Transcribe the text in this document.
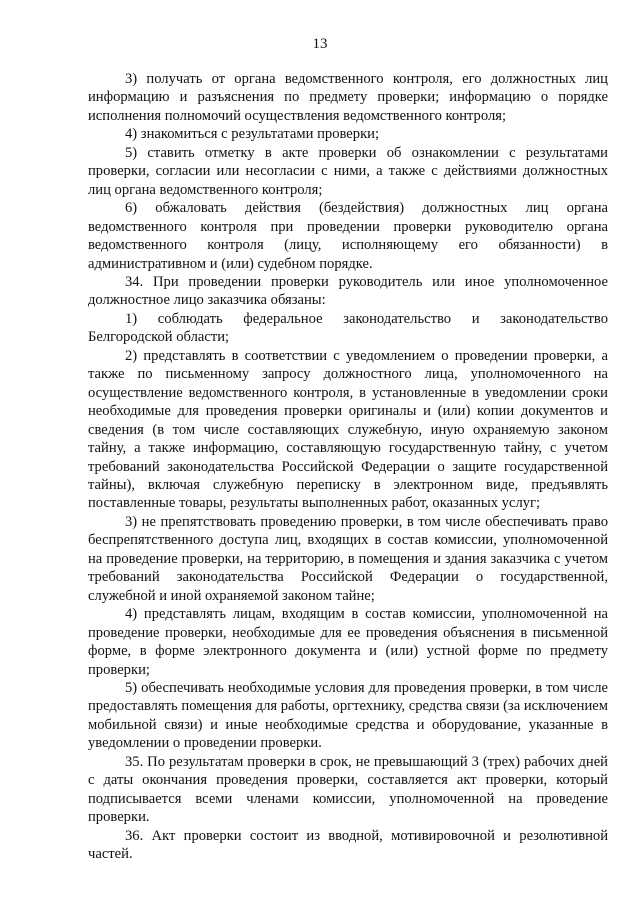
13

3) получать от органа ведомственного контроля, его должностных лиц информацию и разъяснения по предмету проверки; информацию о порядке исполнения полномочий осуществления ведомственного контроля;

4) знакомиться с результатами проверки;

5) ставить отметку в акте проверки об ознакомлении с результатами проверки, согласии или несогласии с ними, а также с действиями должностных лиц органа ведомственного контроля;

6) обжаловать действия (бездействия) должностных лиц органа ведомственного контроля при проведении проверки руководителю органа ведомственного контроля (лицу, исполняющему его обязанности) в административном и (или) судебном порядке.

34. При проведении проверки руководитель или иное уполномоченное должностное лицо заказчика обязаны:

1) соблюдать федеральное законодательство и законодательство Белгородской области;

2) представлять в соответствии с уведомлением о проведении проверки, а также по письменному запросу должностного лица, уполномоченного на осуществление ведомственного контроля, в установленные в уведомлении сроки необходимые для проведения проверки оригиналы и (или) копии документов и сведения (в том числе составляющих служебную, иную охраняемую законом тайну, а также информацию, составляющую государственную тайну, с учетом требований законодательства Российской Федерации о защите государственной тайны), включая служебную переписку в электронном виде, предъявлять поставленные товары, результаты выполненных работ, оказанных услуг;

3) не препятствовать проведению проверки, в том числе обеспечивать право беспрепятственного доступа лиц, входящих в состав комиссии, уполномоченной на проведение проверки, на территорию, в помещения и здания заказчика с учетом требований законодательства Российской Федерации о государственной, служебной и иной охраняемой законом тайне;

4) представлять лицам, входящим в состав комиссии, уполномоченной на проведение проверки, необходимые для ее проведения объяснения в письменной форме, в форме электронного документа и (или) устной форме по предмету проверки;

5) обеспечивать необходимые условия для проведения проверки, в том числе предоставлять помещения для работы, оргтехнику, средства связи (за исключением мобильной связи) и иные необходимые средства и оборудование, указанные в уведомлении о проведении проверки.

35. По результатам проверки в срок, не превышающий 3 (трех) рабочих дней с даты окончания проведения проверки, составляется акт проверки, который подписывается всеми членами комиссии, уполномоченной на проведение проверки.

36. Акт проверки состоит из вводной, мотивировочной и резолютивной частей.
